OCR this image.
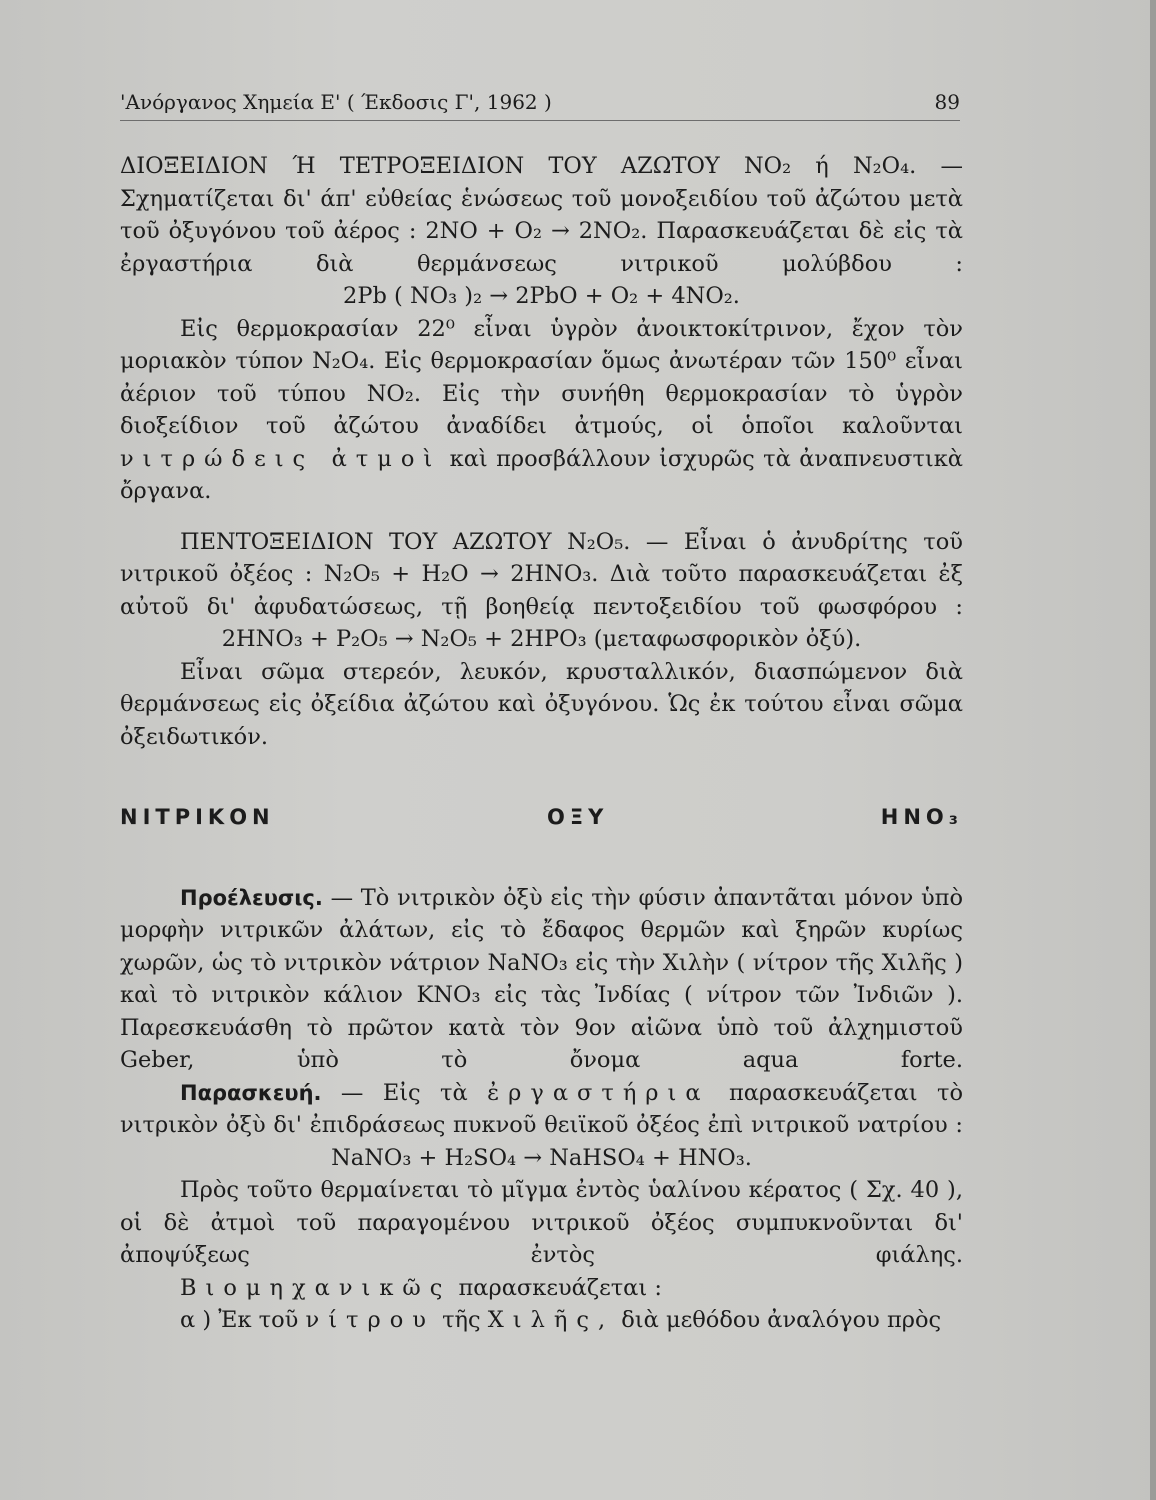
'Ανόργανος Χημεία Ε' ( Έκδοσις Γ', 1962 )	89

ΔΙΟΞΕΙΔΙΟΝ Ή ΤΕΤΡΟΞΕΙΔΙΟΝ ΤΟΥ ΑΖΩΤΟΥ NO₂ ή N₂O₄. — Σχηματίζεται δι' άπ' εὐθείας ἑνώσεως τοῦ μονοξειδίου τοῦ ἀζώτου μετὰ τοῦ ὀξυγόνου τοῦ ἀέρος : 2NO + O₂ → 2NO₂. Παρασκευάζεται δὲ εἰς τὰ ἐργαστήρια διὰ θερμάνσεως νιτρικοῦ μολύβδου :

2Pb ( NO₃ )₂ → 2PbO + O₂ + 4NO₂.

Εἰς θερμοκρασίαν 22⁰ εἶναι ὑγρὸν ἀνοικτοκίτρινον, ἔχον τὸν μοριακὸν τύπον N₂O₄. Εἰς θερμοκρασίαν ὅμως ἀνωτέραν τῶν 150⁰ εἶναι ἀέριον τοῦ τύπου NO₂. Εἰς τὴν συνήθη θερμοκρασίαν τὸ ὑγρὸν διοξείδιον τοῦ ἀζώτου ἀναδίδει ἀτμούς, οἱ ὁποῖοι καλοῦνται νιτρώδεις ἀτμοὶ καὶ προσβάλλουν ἰσχυρῶς τὰ ἀναπνευστικὰ ὄργανα.

ΠΕΝΤΟΞΕΙΔΙΟΝ ΤΟΥ ΑΖΩΤΟΥ N₂O₅. — Εἶναι ὁ ἀνυδρίτης τοῦ νιτρικοῦ ὀξέος : N₂O₅ + H₂O → 2HNO₃. Διὰ τοῦτο παρασκευάζεται ἐξ αὐτοῦ δι' ἀφυδατώσεως, τῇ βοηθείᾳ πεντοξειδίου τοῦ φωσφόρου :

2HNO₃ + P₂O₅ → N₂O₅ + 2HPO₃ (μεταφωσφορικὸν ὀξύ).

Εἶναι σῶμα στερεόν, λευκόν, κρυσταλλικόν, διασπώμενον διὰ θερμάνσεως εἰς ὀξείδια ἀζώτου καὶ ὀξυγόνου. Ὡς ἐκ τούτου εἶναι σῶμα ὀξειδωτικόν.

ΝΙΤΡΙΚΟΝ ΟΞΥ HNO₃

Προέλευσις. — Τὸ νιτρικὸν ὀξὺ εἰς τὴν φύσιν ἀπαντᾶται μόνον ὑπὸ μορφὴν νιτρικῶν ἀλάτων, εἰς τὸ ἔδαφος θερμῶν καὶ ξηρῶν κυρίως χωρῶν, ὡς τὸ νιτρικὸν νάτριον NaNO₃ εἰς τὴν Χιλὴν ( νίτρον τῆς Χιλῆς ) καὶ τὸ νιτρικὸν κάλιον KNO₃ εἰς τὰς Ἰνδίας ( νίτρον τῶν Ἰνδιῶν ). Παρεσκευάσθη τὸ πρῶτον κατὰ τὸν 9ον αἰῶνα ὑπὸ τοῦ ἀλχημιστοῦ Geber, ὑπὸ τὸ ὄνομα aqua forte.

Παρασκευή. — Εἰς τὰ ἐργαστήρια παρασκευάζεται τὸ νιτρικὸν ὀξὺ δι' ἐπιδράσεως πυκνοῦ θειϊκοῦ ὀξέος ἐπὶ νιτρικοῦ νατρίου :

NaNO₃ + H₂SO₄ → NaHSO₄ + HNO₃.

Πρὸς τοῦτο θερμαίνεται τὸ μῖγμα ἐντὸς ὑαλίνου κέρατος ( Σχ. 40 ), οἱ δὲ ἀτμοὶ τοῦ παραγομένου νιτρικοῦ ὀξέος συμπυκνοῦνται δι' ἀποψύξεως ἐντὸς φιάλης.

Βιομηχανικῶς παρασκευάζεται :

α ) Ἐκ τοῦ νίτρου τῆς Χιλῆς, διὰ μεθόδου ἀναλόγου πρὸς
